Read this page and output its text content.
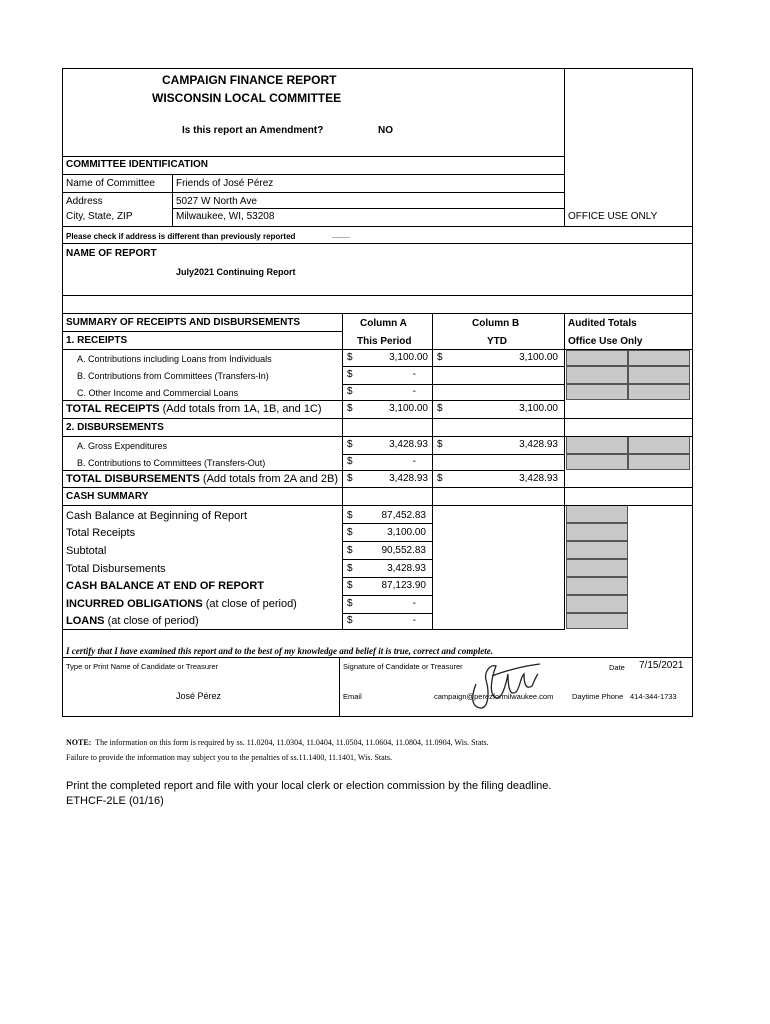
CAMPAIGN FINANCE REPORT
WISCONSIN LOCAL COMMITTEE
Is this report an Amendment?	NO
COMMITTEE IDENTIFICATION
Name of Committee Friends of José Pérez
Address	5027 W North Ave
City, State, ZIP	Milwaukee, WI, 53208	OFFICE USE ONLY
Please check if address is different than previously reported	____
NAME OF REPORT
July2021 Continuing Report
SUMMARY OF RECEIPTS AND DISBURSEMENTS	Column A
This Period
Column B
YTD
Audited Totals
Office Use Only
1. RECEIPTS
A. Contributions including Loans from Individuals	$	3,100.00 $	3,100.00
B. Contributions from Committees (Transfers-In)	$	-
C. Other Income and Commercial Loans	$	-
TOTAL RECEIPTS (Add totals from 1A, 1B, and 1C)	$	3,100.00 $	3,100.00
2. DISBURSEMENTS
A. Gross Expenditures	$	3,428.93 $	3,428.93
B. Contributions to Committees (Transfers-Out)	$	-
TOTAL DISBURSEMENTS (Add totals from 2A and 2B) $	3,428.93 $	3,428.93
CASH SUMMARY
Cash Balance at Beginning of Report	$	87,452.83
Total Receipts	$	3,100.00
Subtotal	$	90,552.83
Total Disbursements	$	3,428.93
CASH BALANCE AT END OF REPORT	$	87,123.90
INCURRED OBLIGATIONS (at close of period)	$	-
LOANS (at close of period)	$	-
I certify that I have examined this report and to the best of my knowledge and belief it is true, correct and complete.
Type or Print Name of Candidate or Treasurer	Signature of Candidate or Treasurer	Date 7/15/2021
José Pérez	Email	campaign@perezformilwaukee.com Daytime Phone 414-344-1733
NOTE: The information on this form is required by ss. 11.0204, 11.0304, 11.0404, 11.0504, 11.0604, 11.0804, 11.0904, Wis. Stats.
Failure to provide the information may subject you to the penalties of ss.11.1400, 11.1401, Wis. Stats.
Print the completed report and file with your local clerk or election commission by the filing deadline.
ETHCF-2LE (01/16)
